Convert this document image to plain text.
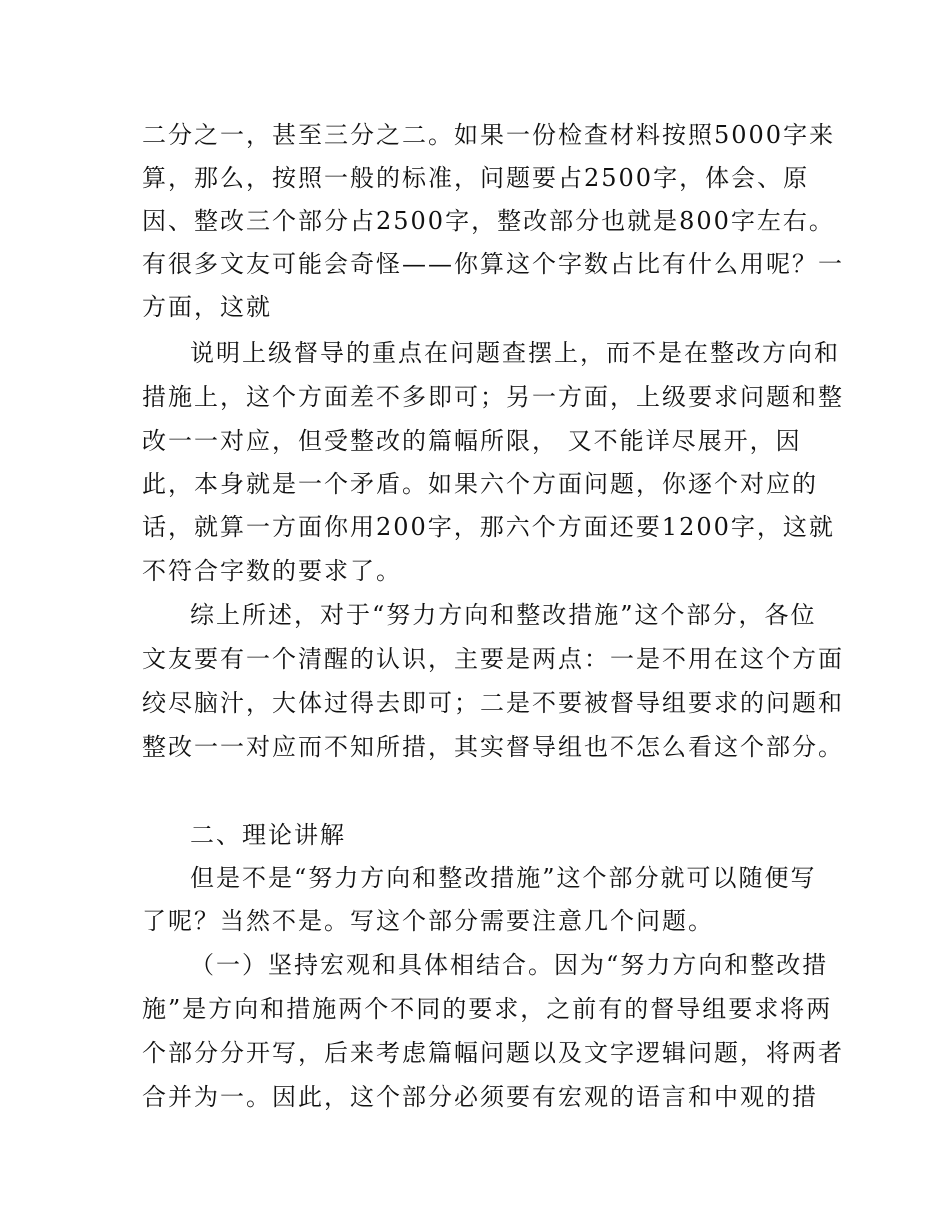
二分之一，甚至三分之二。如果一份检查材料按照5000字来
算，那么，按照一般的标准，问题要占2500字，体会、原
因、整改三个部分占2500字，整改部分也就是800字左右。
有很多文友可能会奇怪——你算这个字数占比有什么用呢？一
方面，这就
说明上级督导的重点在问题查摆上，而不是在整改方向和
措施上，这个方面差不多即可；另一方面，上级要求问题和整
改一一对应，但受整改的篇幅所限， 又不能详尽展开，因
此，本身就是一个矛盾。如果六个方面问题，你逐个对应的
话，就算一方面你用200字，那六个方面还要1200字，这就
不符合字数的要求了。
综上所述，对于“努力方向和整改措施”这个部分，各位
文友要有一个清醒的认识，主要是两点：一是不用在这个方面
绞尽脑汁，大体过得去即可；二是不要被督导组要求的问题和
整改一一对应而不知所措，其实督导组也不怎么看这个部分。
二、理论讲解
但是不是“努力方向和整改措施”这个部分就可以随便写
了呢？当然不是。写这个部分需要注意几个问题。
（一）坚持宏观和具体相结合。因为“努力方向和整改措
施”是方向和措施两个不同的要求，之前有的督导组要求将两
个部分分开写，后来考虑篇幅问题以及文字逻辑问题，将两者
合并为一。因此，这个部分必须要有宏观的语言和中观的措
